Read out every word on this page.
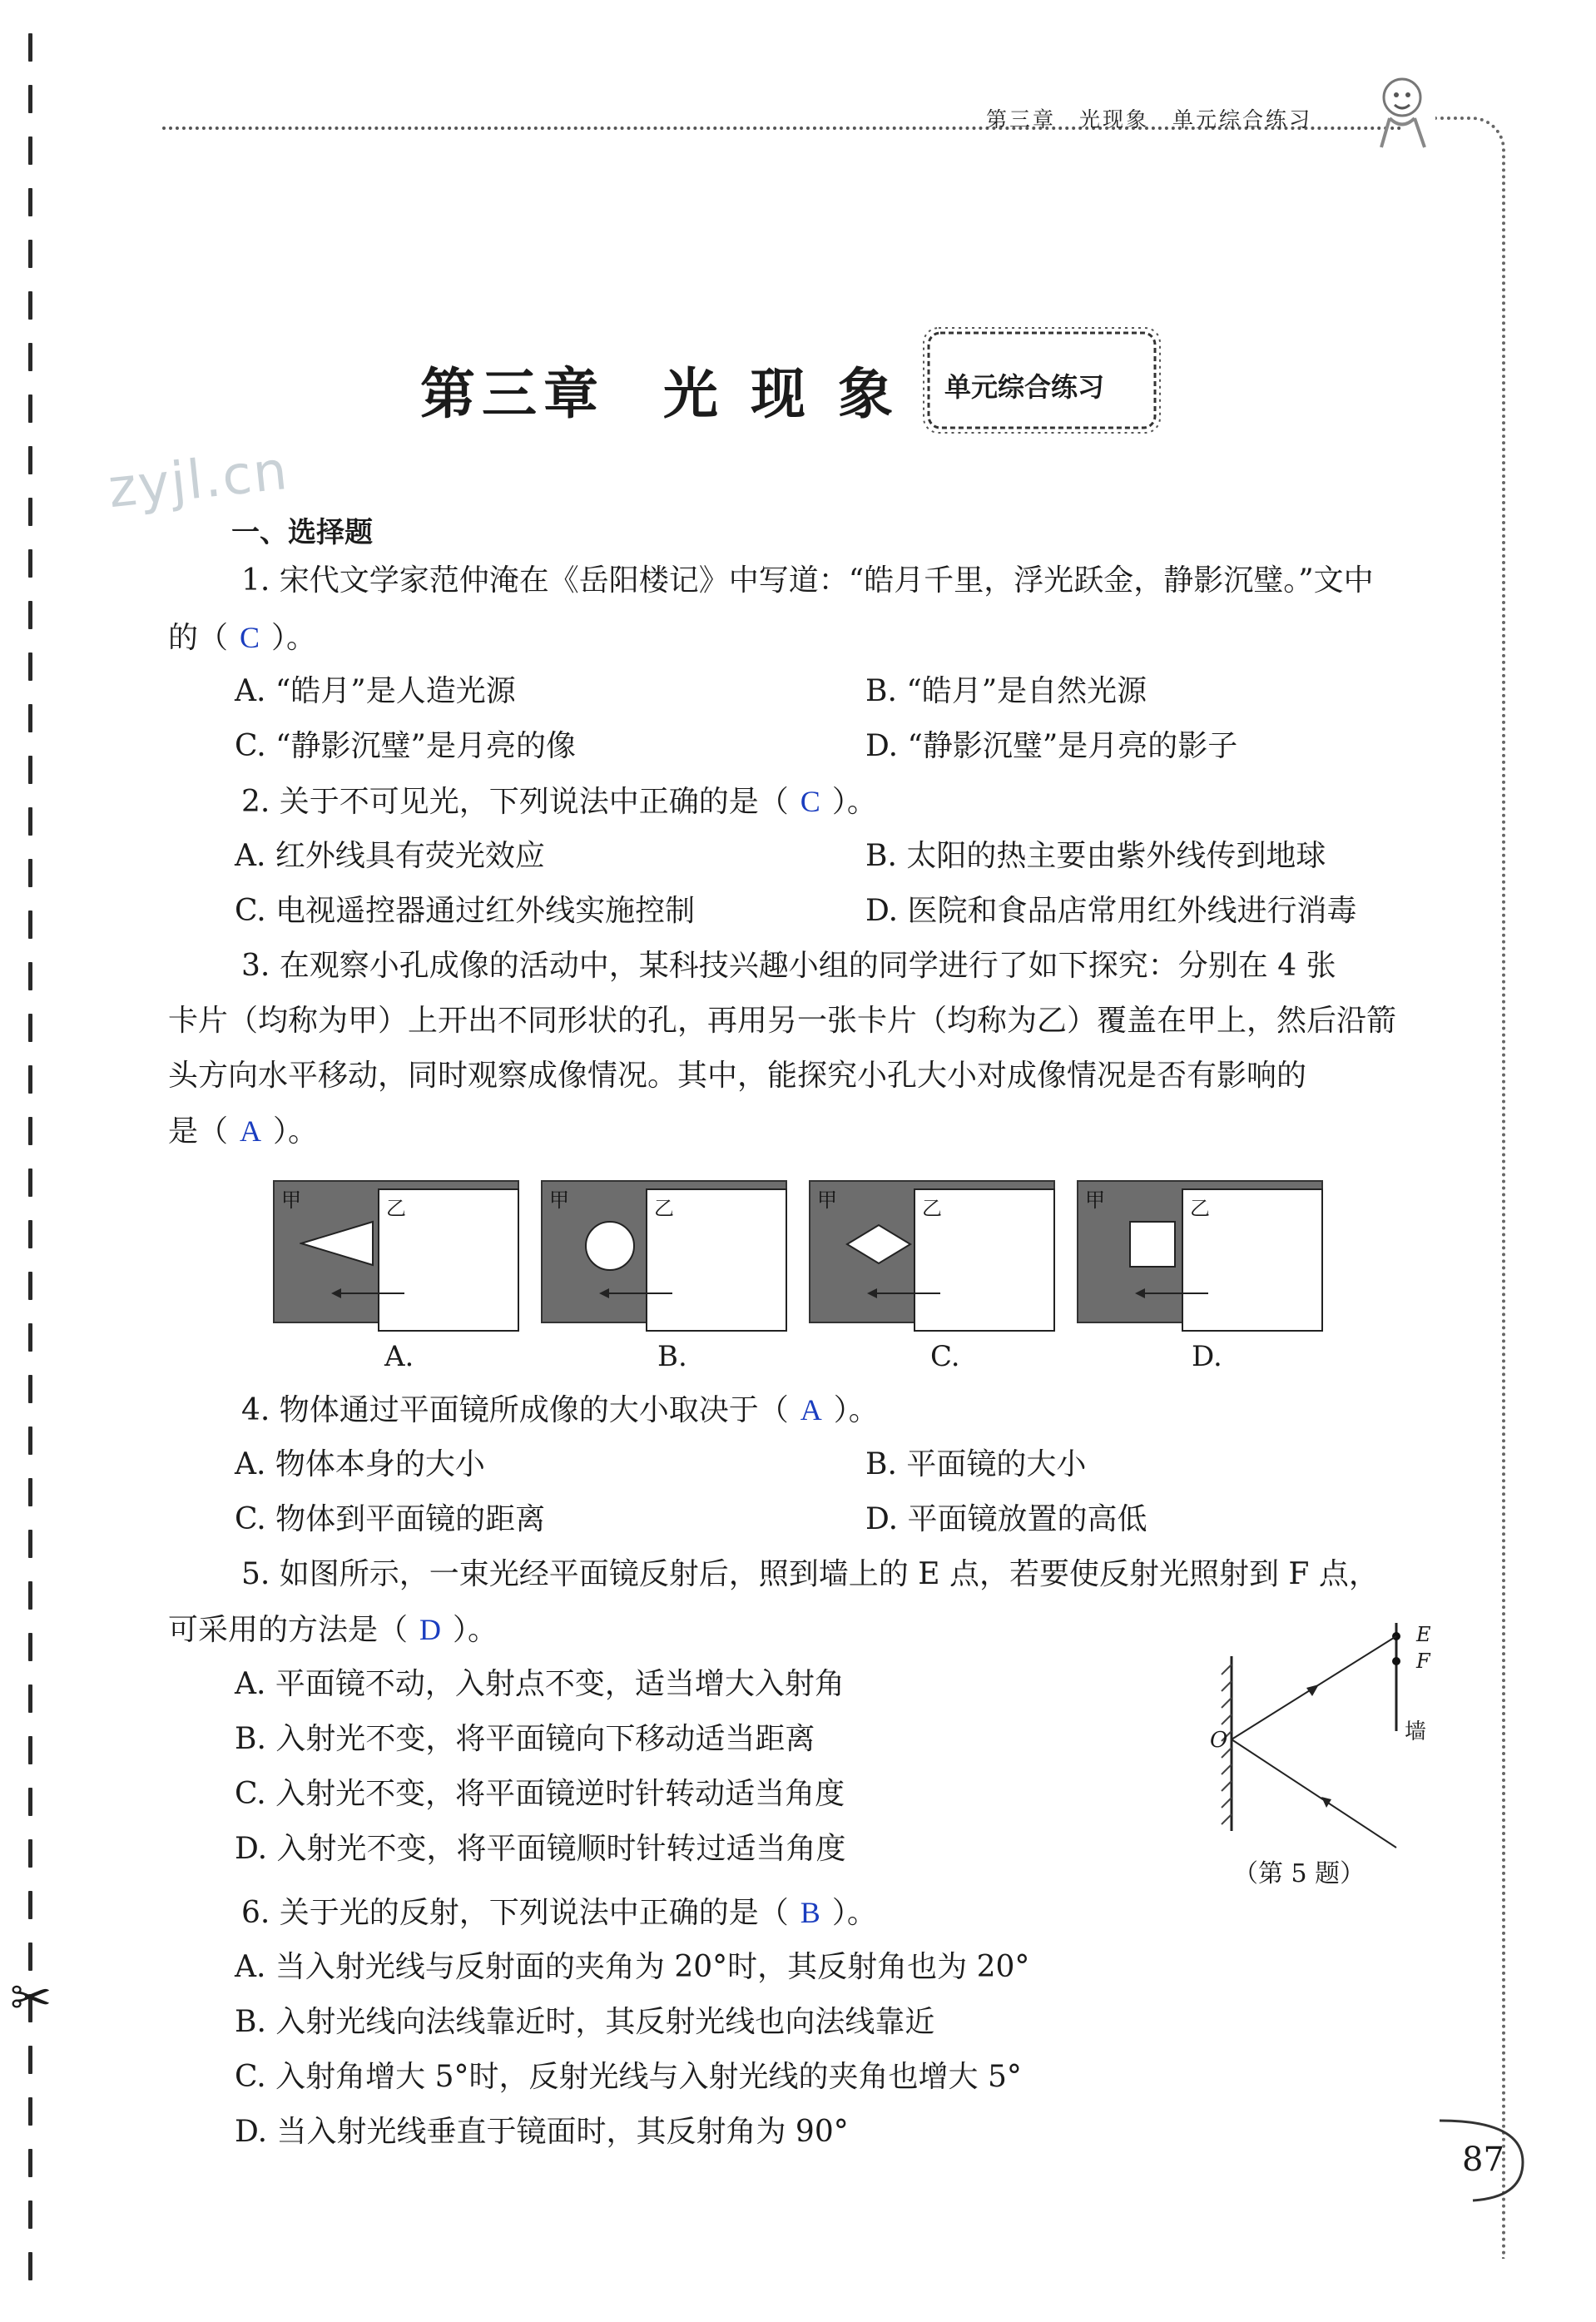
✂
第三章　光现象　单元综合练习
第三章 光 现 象 单元综合练习
zyjl.cn
一、选择题
1. 宋代文学家范仲淹在《岳阳楼记》中写道：“皓月千里，浮光跃金，静影沉璧。”文中
的（ C ）。
A. “皓月”是人造光源	B. “皓月”是自然光源
C. “静影沉璧”是月亮的像	D. “静影沉璧”是月亮的影子
2. 关于不可见光，下列说法中正确的是（ C ）。
A. 红外线具有荧光效应	B. 太阳的热主要由紫外线传到地球
C. 电视遥控器通过红外线实施控制	D. 医院和食品店常用红外线进行消毒
3. 在观察小孔成像的活动中，某科技兴趣小组的同学进行了如下探究：分别在 4 张
卡片（均称为甲）上开出不同形状的孔，再用另一张卡片（均称为乙）覆盖在甲上，然后沿箭
头方向水平移动，同时观察成像情况。其中，能探究小孔大小对成像情况是否有影响的
是（ A ）。
甲	乙	甲	乙	甲	乙	甲	乙
A.	B.	C.	D.
4. 物体通过平面镜所成像的大小取决于（ A ）。
A. 物体本身的大小	B. 平面镜的大小
C. 物体到平面镜的距离	D. 平面镜放置的高低
5. 如图所示，一束光经平面镜反射后，照到墙上的 E 点，若要使反射光照射到 F 点，
可采用的方法是（ D ）。
A. 平面镜不动，入射点不变，适当增大入射角
B. 入射光不变，将平面镜向下移动适当距离
C. 入射光不变，将平面镜逆时针转动适当角度
D. 入射光不变，将平面镜顺时针转过适当角度
E
F
O	墙
（第 5 题）
6. 关于光的反射，下列说法中正确的是（ B ）。
A. 当入射光线与反射面的夹角为 20°时，其反射角也为 20°
B. 入射光线向法线靠近时，其反射光线也向法线靠近
C. 入射角增大 5°时，反射光线与入射光线的夹角也增大 5°
D. 当入射光线垂直于镜面时，其反射角为 90°
87
